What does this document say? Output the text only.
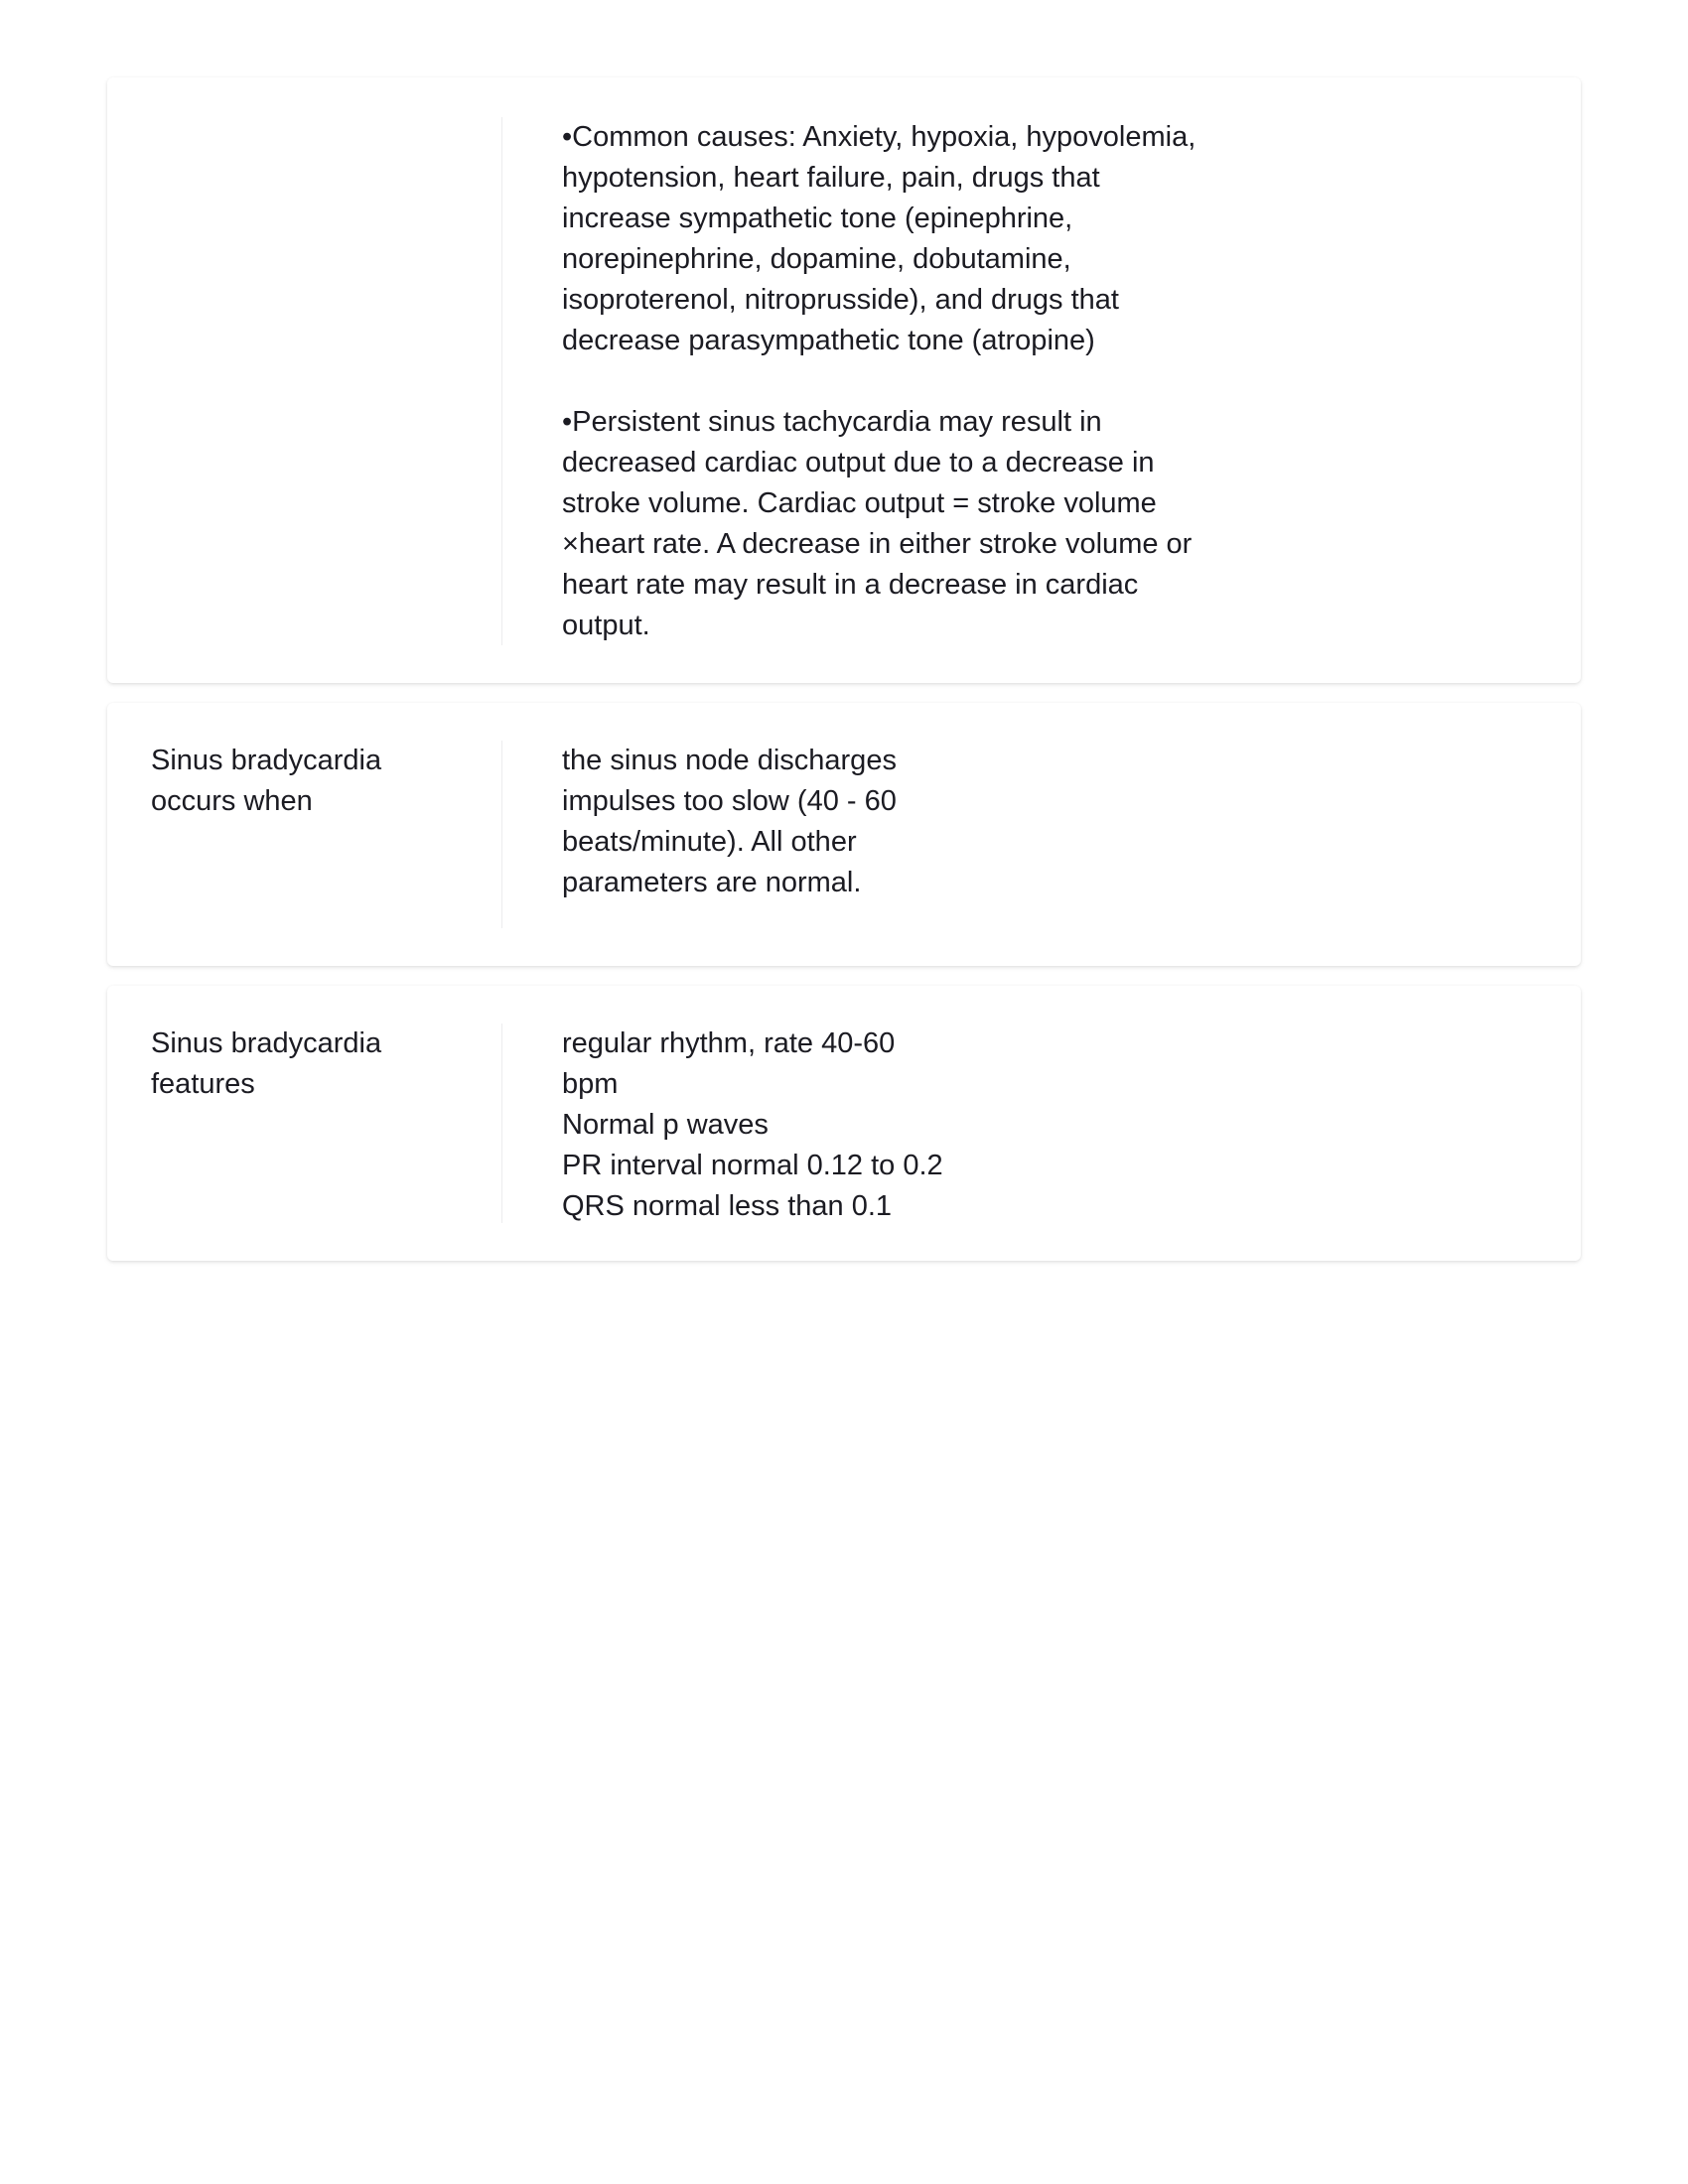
•Common causes: Anxiety, hypoxia, hypovolemia,
hypotension, heart failure, pain, drugs that
increase sympathetic tone (epinephrine,
norepinephrine, dopamine, dobutamine,
isoproterenol, nitroprusside), and drugs that
decrease parasympathetic tone (atropine)
•Persistent sinus tachycardia may result in
decreased cardiac output due to a decrease in
stroke volume. Cardiac output = stroke volume
×heart rate. A decrease in either stroke volume or
heart rate may result in a decrease in cardiac
output.
Sinus bradycardia
occurs when
the sinus node discharges
impulses too slow (40 - 60
beats/minute). All other
parameters are normal.
Sinus bradycardia
features
regular rhythm, rate 40-60
bpm
Normal p waves
PR interval normal 0.12 to 0.2
QRS normal less than 0.1
